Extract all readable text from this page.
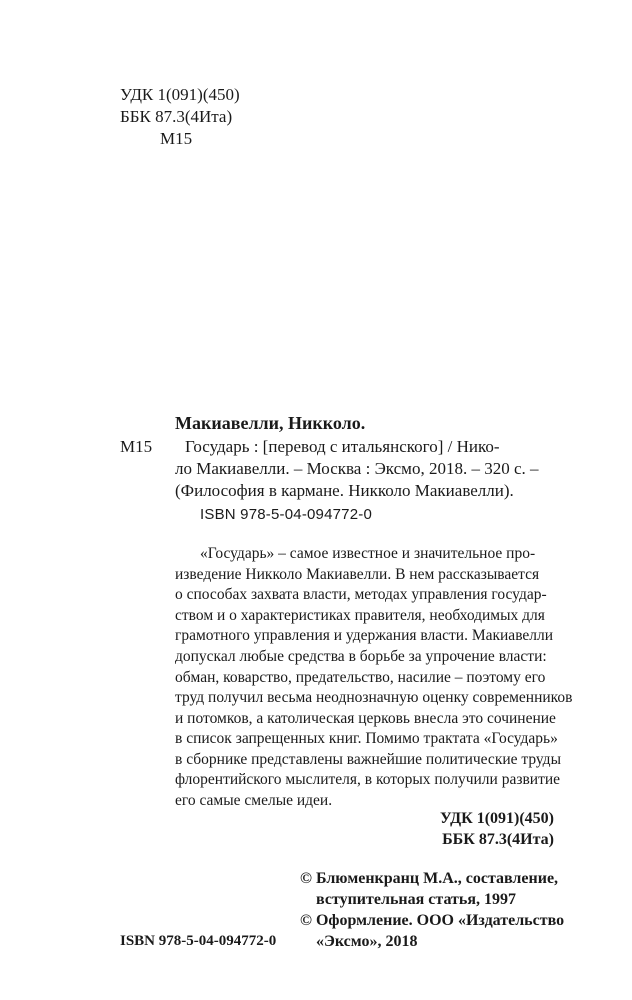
УДК 1(091)(450)
ББК 87.3(4Ита)
М15
Макиавелли, Никколо.
М15 Государь : [перевод с итальянского] / Нико-
ло Макиавелли. – Москва : Эксмо, 2018. – 320 с. –
(Философия в кармане. Никколо Макиавелли).
ISBN 978-5-04-094772-0
«Государь» – самое известное и значительное про-
изведение Никколо Макиавелли. В нем рассказывается
о способах захвата власти, методах управления государ-
ством и о характеристиках правителя, необходимых для
грамотного управления и удержания власти. Макиавелли
допускал любые средства в борьбе за упрочение власти:
обман, коварство, предательство, насилие – поэтому его
труд получил весьма неоднозначную оценку современников
и потомков, а католическая церковь внесла это сочинение
в список запрещенных книг. Помимо трактата «Государь»
в сборнике представлены важнейшие политические труды
флорентийского мыслителя, в которых получили развитие
его самые смелые идеи.
УДК 1(091)(450)
ББК 87.3(4Ита)
© Блюменкранц М.А., составление,
вступительная статья, 1997
© Оформление. ООО «Издательство
«Эксмо», 2018
ISBN 978-5-04-094772-0
